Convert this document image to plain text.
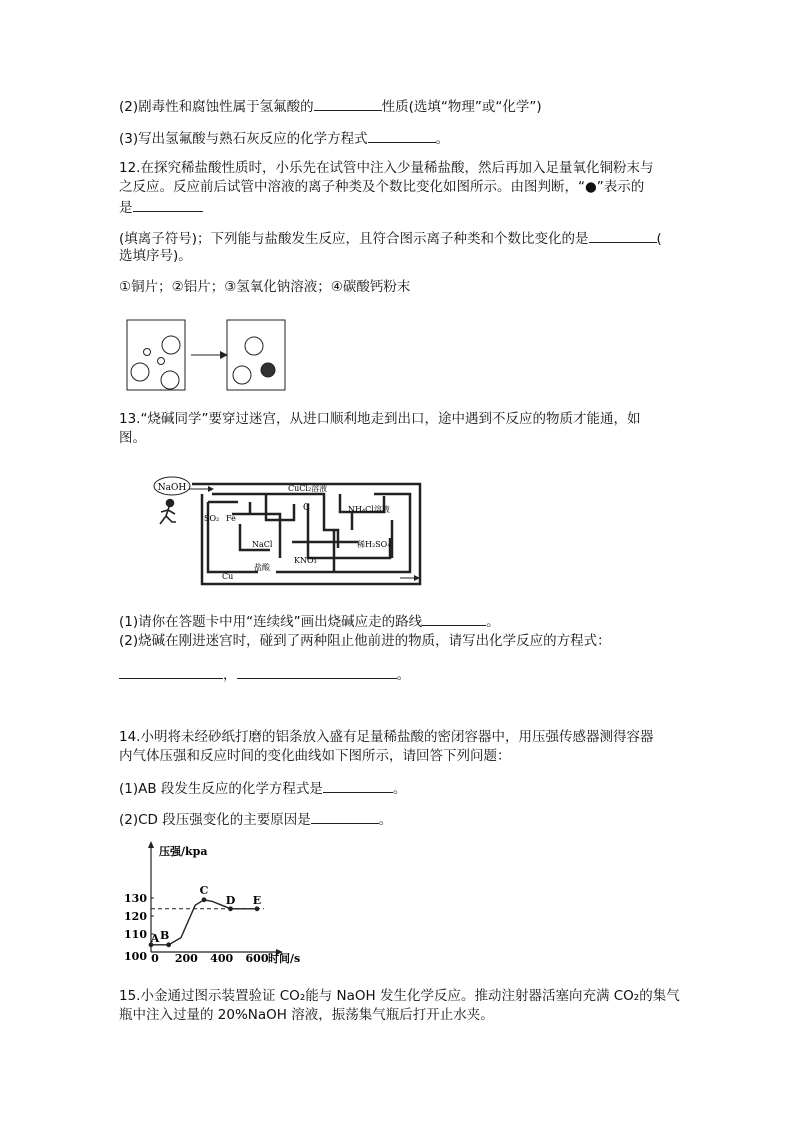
(2)剧毒性和腐蚀性属于氢氟酸的	性质(选填“物理”或“化学”)
(3)写出氢氟酸与熟石灰反应的化学方程式	。
12.在探究稀盐酸性质时，小乐先在试管中注入少量稀盐酸，然后再加入足量氧化铜粉末与
之反应。反应前后试管中溶液的离子种类及个数比变化如图所示。由图判断，“●”表示的
是
(填离子符号)；下列能与盐酸发生反应，且符合图示离子种类和个数比变化的是	(
选填序号)。
①铜片；②铝片；③氢氧化钠溶液；④碳酸钙粉末
13.“烧碱同学”要穿过迷宫，从进口顺利地走到出口，途中遇到不反应的物质才能通，如
图。
NaOH	CuCl₂溶液
C
SO₂ Fe
NH₄Cl溶液
NaCl	稀H₂SO₄
KNO₃
盐酸
Cu
(1)请你在答题卡中用“连续线”画出烧碱应走的路线	。
(2)烧碱在刚进迷宫时，碰到了两种阻止他前进的物质，请写出化学反应的方程式：
，	。
14.小明将未经砂纸打磨的铝条放入盛有足量稀盐酸的密闭容器中，用压强传感器测得容器
内气体压强和反应时间的变化曲线如下图所示，请回答下列问题：
(1)AB 段发生反应的化学方程式是	。
(2)CD 段压强变化的主要原因是	。
压强/kpa
时间/s
100
110
120
130
0 200 400 600
A B
C
D E
15.小金通过图示装置验证 CO₂能与 NaOH 发生化学反应。推动注射器活塞向充满 CO₂的集气
瓶中注入过量的 20%NaOH 溶液，振荡集气瓶后打开止水夹。
